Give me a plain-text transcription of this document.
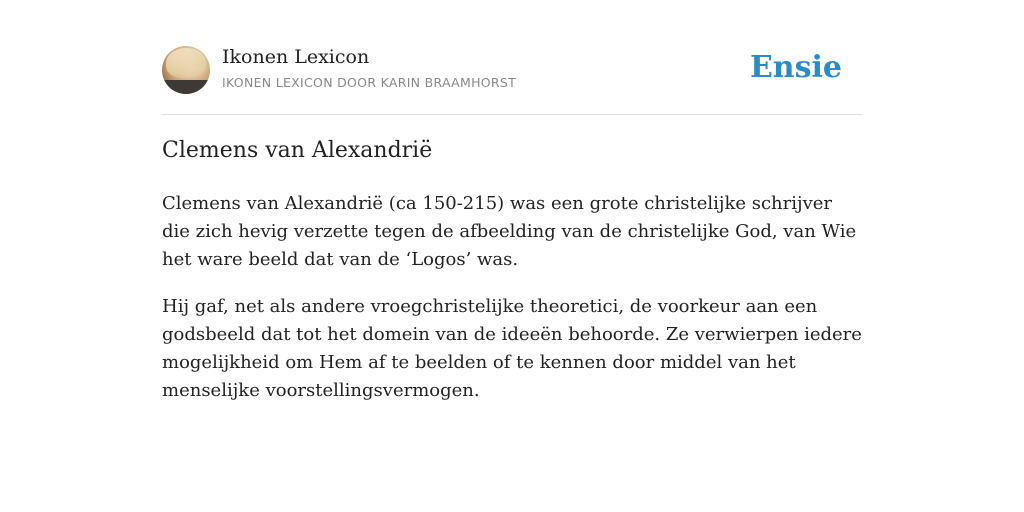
Ikonen Lexicon
IKONEN LEXICON DOOR KARIN BRAAMHORST	Ensie
Clemens van Alexandrië

Clemens van Alexandrië (ca 150-215) was een grote christelijke schrijver die zich hevig verzette tegen de afbeelding van de christelijke God, van Wie het ware beeld dat van de ‘Logos’ was.

Hij gaf, net als andere vroegchristelijke theoretici, de voorkeur aan een godsbeeld dat tot het domein van de ideeën behoorde. Ze verwierpen iedere mogelijkheid om Hem af te beelden of te kennen door middel van het menselijke voorstellingsvermogen.
